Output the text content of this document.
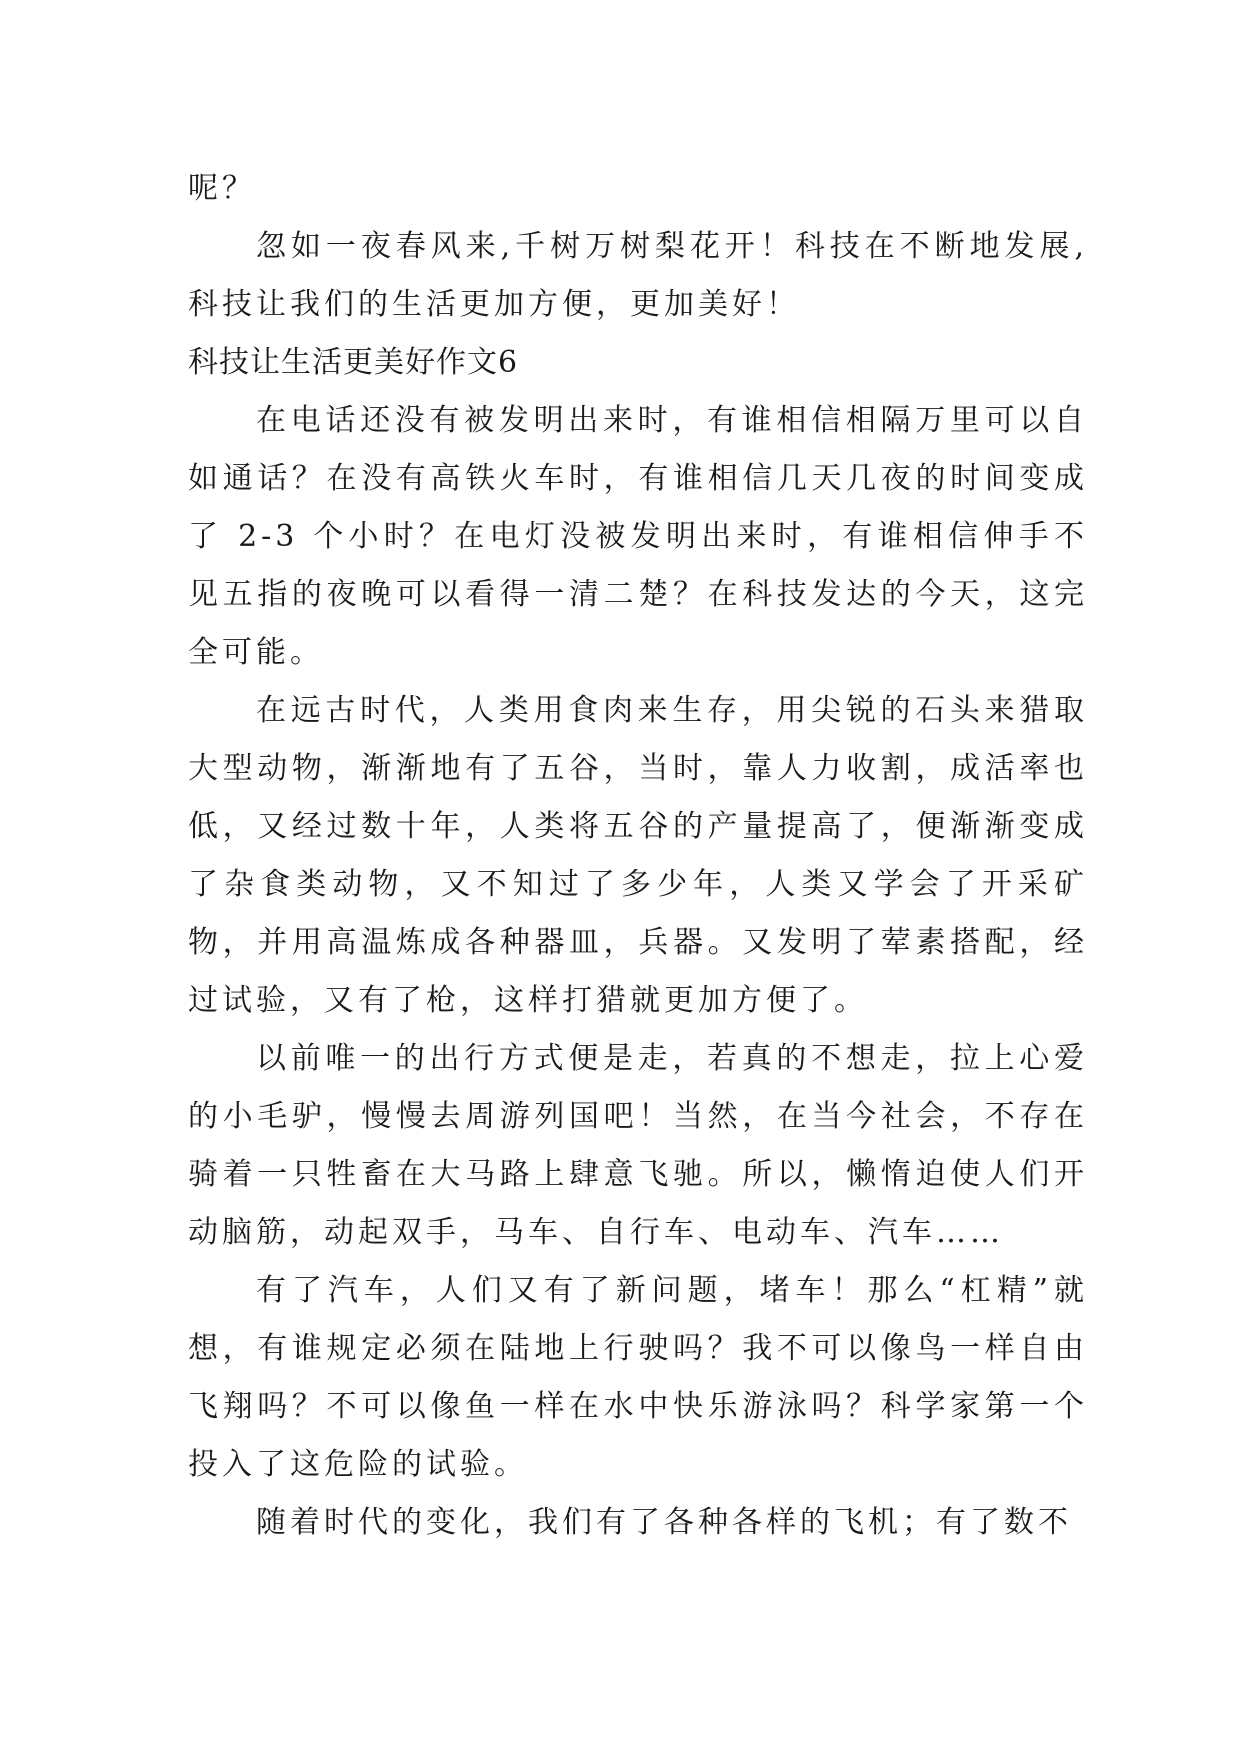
呢？

忽如一夜春风来,千树万树梨花开！科技在不断地发展,科技让我们的生活更加方便，更加美好！

科技让生活更美好作文6

在电话还没有被发明出来时，有谁相信相隔万里可以自如通话？在没有高铁火车时，有谁相信几天几夜的时间变成了 2-3 个小时？在电灯没被发明出来时，有谁相信伸手不见五指的夜晚可以看得一清二楚？在科技发达的今天，这完全可能。

在远古时代，人类用食肉来生存，用尖锐的石头来猎取大型动物，渐渐地有了五谷，当时，靠人力收割，成活率也低，又经过数十年，人类将五谷的产量提高了，便渐渐变成了杂食类动物，又不知过了多少年，人类又学会了开采矿物，并用高温炼成各种器皿，兵器。又发明了荤素搭配，经过试验，又有了枪，这样打猎就更加方便了。

以前唯一的出行方式便是走，若真的不想走，拉上心爱的小毛驴，慢慢去周游列国吧！当然，在当今社会，不存在骑着一只牲畜在大马路上肆意飞驰。所以，懒惰迫使人们开动脑筋，动起双手，马车、自行车、电动车、汽车……

有了汽车，人们又有了新问题，堵车！那么“杠精”就想，有谁规定必须在陆地上行驶吗？我不可以像鸟一样自由飞翔吗？不可以像鱼一样在水中快乐游泳吗？科学家第一个投入了这危险的试验。

随着时代的变化，我们有了各种各样的飞机；有了数不
